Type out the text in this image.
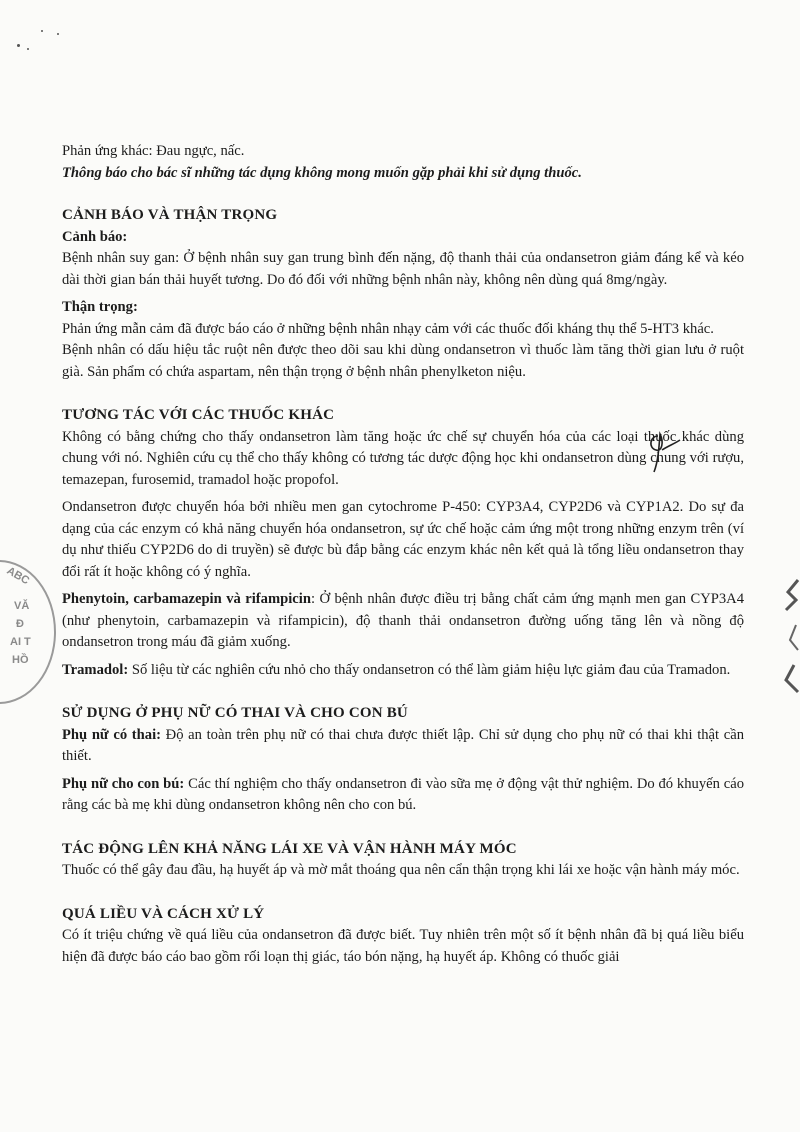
ABC
VĂ
Đ
AI T
HỒ

Phản ứng khác: Đau ngực, nấc.

Thông báo cho bác sĩ những tác dụng không mong muốn gặp phải khi sử dụng thuốc.

CẢNH BÁO VÀ THẬN TRỌNG

Cảnh báo:

Bệnh nhân suy gan: Ở bệnh nhân suy gan trung bình đến nặng, độ thanh thải của ondansetron giảm đáng kể và kéo dài thời gian bán thải huyết tương. Do đó đối với những bệnh nhân này, không nên dùng quá 8mg/ngày.

Thận trọng:

Phản ứng mẫn cảm đã được báo cáo ở những bệnh nhân nhạy cảm với các thuốc đối kháng thụ thể 5-HT3 khác.

Bệnh nhân có dấu hiệu tắc ruột nên được theo dõi sau khi dùng ondansetron vì thuốc làm tăng thời gian lưu ở ruột già. Sản phẩm có chứa aspartam, nên thận trọng ở bệnh nhân phenylketon niệu.

TƯƠNG TÁC VỚI CÁC THUỐC KHÁC

Không có bằng chứng cho thấy ondansetron làm tăng hoặc ức chế sự chuyển hóa của các loại thuốc khác dùng chung với nó. Nghiên cứu cụ thể cho thấy không có tương tác dược động học khi ondansetron dùng chung với rượu, temazepan, furosemid, tramadol hoặc propofol.

Ondansetron được chuyển hóa bởi nhiều men gan cytochrome P-450: CYP3A4, CYP2D6 và CYP1A2. Do sự đa dạng của các enzym có khả năng chuyển hóa ondansetron, sự ức chế hoặc cảm ứng một trong những enzym trên (ví dụ như thiếu CYP2D6 do di truyền) sẽ được bù đắp bằng các enzym khác nên kết quả là tổng liều ondansetron thay đổi rất ít hoặc không có ý nghĩa.

Phenytoin, carbamazepin và rifampicin: Ở bệnh nhân được điều trị bằng chất cảm ứng mạnh men gan CYP3A4 (như phenytoin, carbamazepin và rifampicin), độ thanh thải ondansetron đường uống tăng lên và nồng độ ondansetron trong máu đã giảm xuống.

Tramadol: Số liệu từ các nghiên cứu nhỏ cho thấy ondansetron có thể làm giảm hiệu lực giảm đau của Tramadon.

SỬ DỤNG Ở PHỤ NỮ CÓ THAI VÀ CHO CON BÚ

Phụ nữ có thai: Độ an toàn trên phụ nữ có thai chưa được thiết lập. Chỉ sử dụng cho phụ nữ có thai khi thật cần thiết.

Phụ nữ cho con bú: Các thí nghiệm cho thấy ondansetron đi vào sữa mẹ ở động vật thử nghiệm. Do đó khuyến cáo rằng các bà mẹ khi dùng ondansetron không nên cho con bú.

TÁC ĐỘNG LÊN KHẢ NĂNG LÁI XE VÀ VẬN HÀNH MÁY MÓC

Thuốc có thể gây đau đầu, hạ huyết áp và mờ mắt thoáng qua nên cẩn thận trọng khi lái xe hoặc vận hành máy móc.

QUÁ LIỀU VÀ CÁCH XỬ LÝ

Có ít triệu chứng về quá liều của ondansetron đã được biết. Tuy nhiên trên một số ít bệnh nhân đã bị quá liều biểu hiện đã được báo cáo bao gồm rối loạn thị giác, táo bón nặng, hạ huyết áp. Không có thuốc giải
